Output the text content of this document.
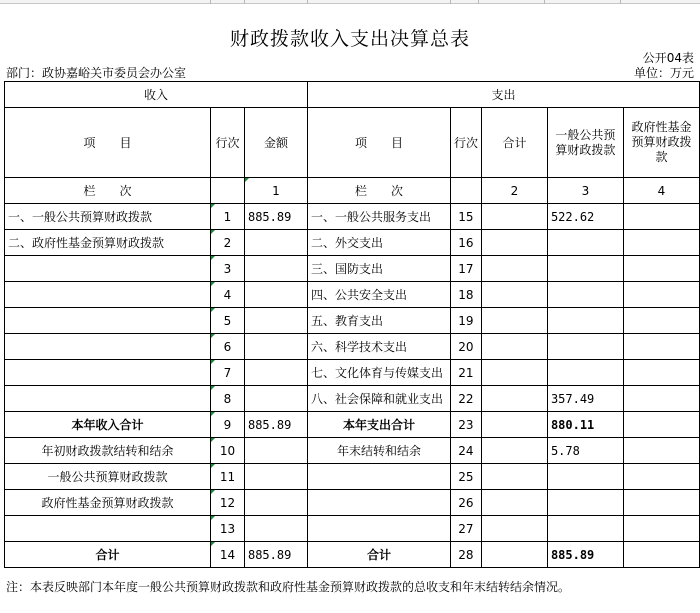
财政拨款收入支出决算总表
公开04表
部门：政协嘉峪关市委员会办公室	单位：万元
收入			支出				
项　　目	行次	金额	项　　目	行次	合计	一般公共预算财政拨款	政府性基金预算财政拨款
栏　　次		1	栏　　次		2	3	4
一、一般公共预算财政拨款	1	885.89	一、一般公共服务支出	15		522.62	
二、政府性基金预算财政拨款	2		二、外交支出	16			
	3		三、国防支出	17			
	4		四、公共安全支出	18			
	5		五、教育支出	19			
	6		六、科学技术支出	20			
	7		七、文化体育与传媒支出	21			
	8		八、社会保障和就业支出	22		357.49	
本年收入合计	9	885.89	本年支出合计	23		880.11	
年初财政拨款结转和结余	10		年末结转和结余	24		5.78	
一般公共预算财政拨款	11			25			
政府性基金预算财政拨款	12			26			
	13			27			
合计	14	885.89	合计	28		885.89	
注：本表反映部门本年度一般公共预算财政拨款和政府性基金预算财政拨款的总收支和年末结转结余情况。
